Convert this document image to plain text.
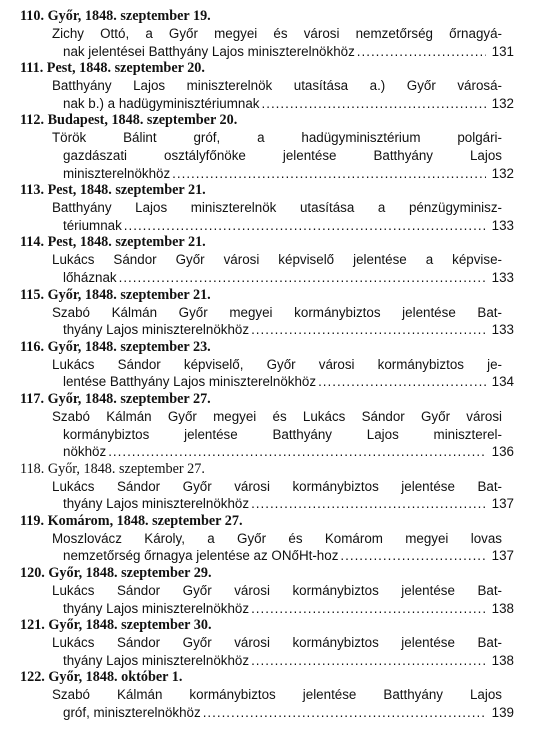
110. Győr, 1848. szeptember 19.
Zichy Ottó, a Győr megyei és városi nemzetőrség őrnagyá-
nak jelentései Batthyány Lajos miniszterelnökhöz .....	131
111. Pest, 1848. szeptember 20.
Batthyány Lajos miniszterelnök utasítása a.) Győr városá-
nak b.) a hadügyminisztériumnak .....	132
112. Budapest, 1848. szeptember 20.
Török Bálint gróf, a hadügyminisztérium polgári-
gazdászati osztályfőnöke jelentése Batthyány Lajos
miniszterelnökhöz .....	132
113. Pest, 1848. szeptember 21.
Batthyány Lajos miniszterelnök utasítása a pénzügyminisz-
tériumnak .....	133
114. Pest, 1848. szeptember 21.
Lukács Sándor Győr városi képviselő jelentése a képvise-
lőháznak .....	133
115. Győr, 1848. szeptember 21.
Szabó Kálmán Győr megyei kormánybiztos jelentése Bat-
thyány Lajos miniszterelnökhöz .....	133
116. Győr, 1848. szeptember 23.
Lukács Sándor képviselő, Győr városi kormánybiztos je-
lentése Batthyány Lajos miniszterelnökhöz .....	134
117. Győr, 1848. szeptember 27.
Szabó Kálmán Győr megyei és Lukács Sándor Győr városi
kormánybiztos jelentése Batthyány Lajos miniszterel-
nökhöz .....	136
118. Győr, 1848. szeptember 27.
Lukács Sándor Győr városi kormánybiztos jelentése Bat-
thyány Lajos miniszterelnökhöz .....	137
119. Komárom, 1848. szeptember 27.
Moszlovácz Károly, a Győr és Komárom megyei lovas
nemzetőrség őrnagya jelentése az ONőHt-hoz .....	137
120. Győr, 1848. szeptember 29.
Lukács Sándor Győr városi kormánybiztos jelentése Bat-
thyány Lajos miniszterelnökhöz .....	138
121. Győr, 1848. szeptember 30.
Lukács Sándor Győr városi kormánybiztos jelentése Bat-
thyány Lajos miniszterelnökhöz .....	138
122. Győr, 1848. október 1.
Szabó Kálmán kormánybiztos jelentése Batthyány Lajos
gróf, miniszterelnökhöz .....	139
